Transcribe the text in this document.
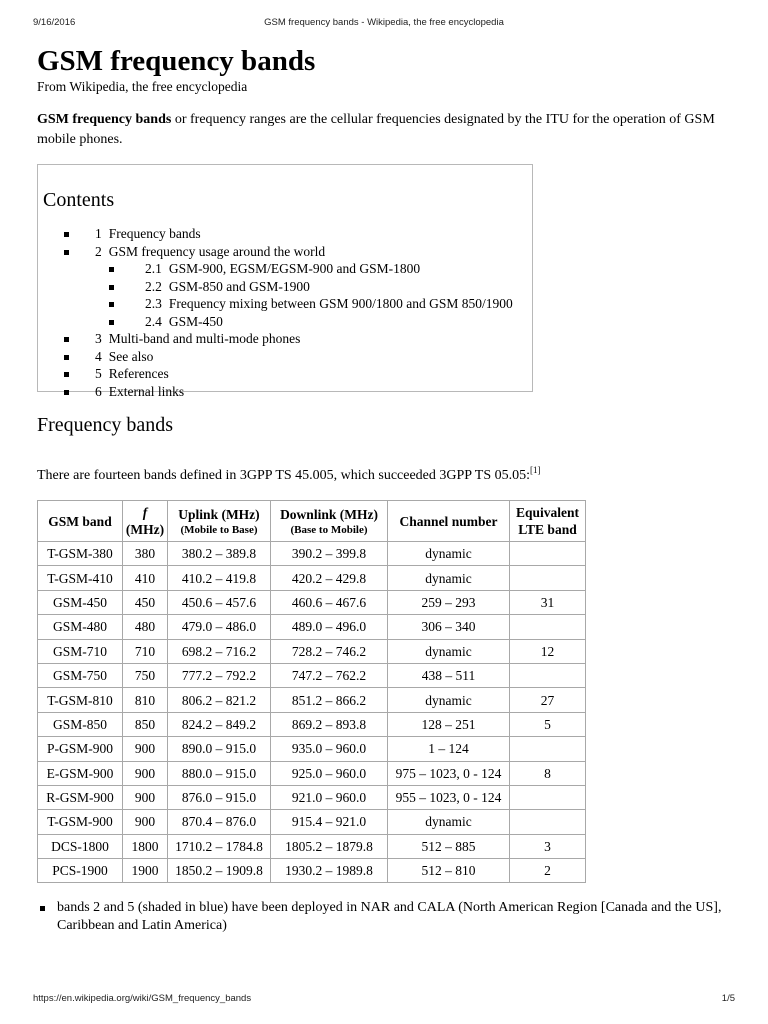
9/16/2016	GSM frequency bands - Wikipedia, the free encyclopedia
GSM frequency bands
From Wikipedia, the free encyclopedia
GSM frequency bands or frequency ranges are the cellular frequencies designated by the ITU for the operation of GSM mobile phones.
Contents
1 Frequency bands
2 GSM frequency usage around the world
2.1 GSM-900, EGSM/EGSM-900 and GSM-1800
2.2 GSM-850 and GSM-1900
2.3 Frequency mixing between GSM 900/1800 and GSM 850/1900
2.4 GSM-450
3 Multi-band and multi-mode phones
4 See also
5 References
6 External links
Frequency bands
There are fourteen bands defined in 3GPP TS 45.005, which succeeded 3GPP TS 05.05:[1]
GSM band	f (MHz)	Uplink (MHz)
(Mobile to Base)	Downlink (MHz)
(Base to Mobile)	Channel number	Equivalent LTE band
T-GSM-380	380	380.2 – 389.8	390.2 – 399.8	dynamic	
T-GSM-410	410	410.2 – 419.8	420.2 – 429.8	dynamic	
GSM-450	450	450.6 – 457.6	460.6 – 467.6	259 – 293	31
GSM-480	480	479.0 – 486.0	489.0 – 496.0	306 – 340	
GSM-710	710	698.2 – 716.2	728.2 – 746.2	dynamic	12
GSM-750	750	777.2 – 792.2	747.2 – 762.2	438 – 511	
T-GSM-810	810	806.2 – 821.2	851.2 – 866.2	dynamic	27
GSM-850	850	824.2 – 849.2	869.2 – 893.8	128 – 251	5
P-GSM-900	900	890.0 – 915.0	935.0 – 960.0	1 – 124	
E-GSM-900	900	880.0 – 915.0	925.0 – 960.0	975 – 1023, 0 - 124	8
R-GSM-900	900	876.0 – 915.0	921.0 – 960.0	955 – 1023, 0 - 124	
T-GSM-900	900	870.4 – 876.0	915.4 – 921.0	dynamic	
DCS-1800	1800	1710.2 – 1784.8	1805.2 – 1879.8	512 – 885	3
PCS-1900	1900	1850.2 – 1909.8	1930.2 – 1989.8	512 – 810	2
bands 2 and 5 (shaded in blue) have been deployed in NAR and CALA (North American Region [Canada and the US], Caribbean and Latin America)
https://en.wikipedia.org/wiki/GSM_frequency_bands	1/5
